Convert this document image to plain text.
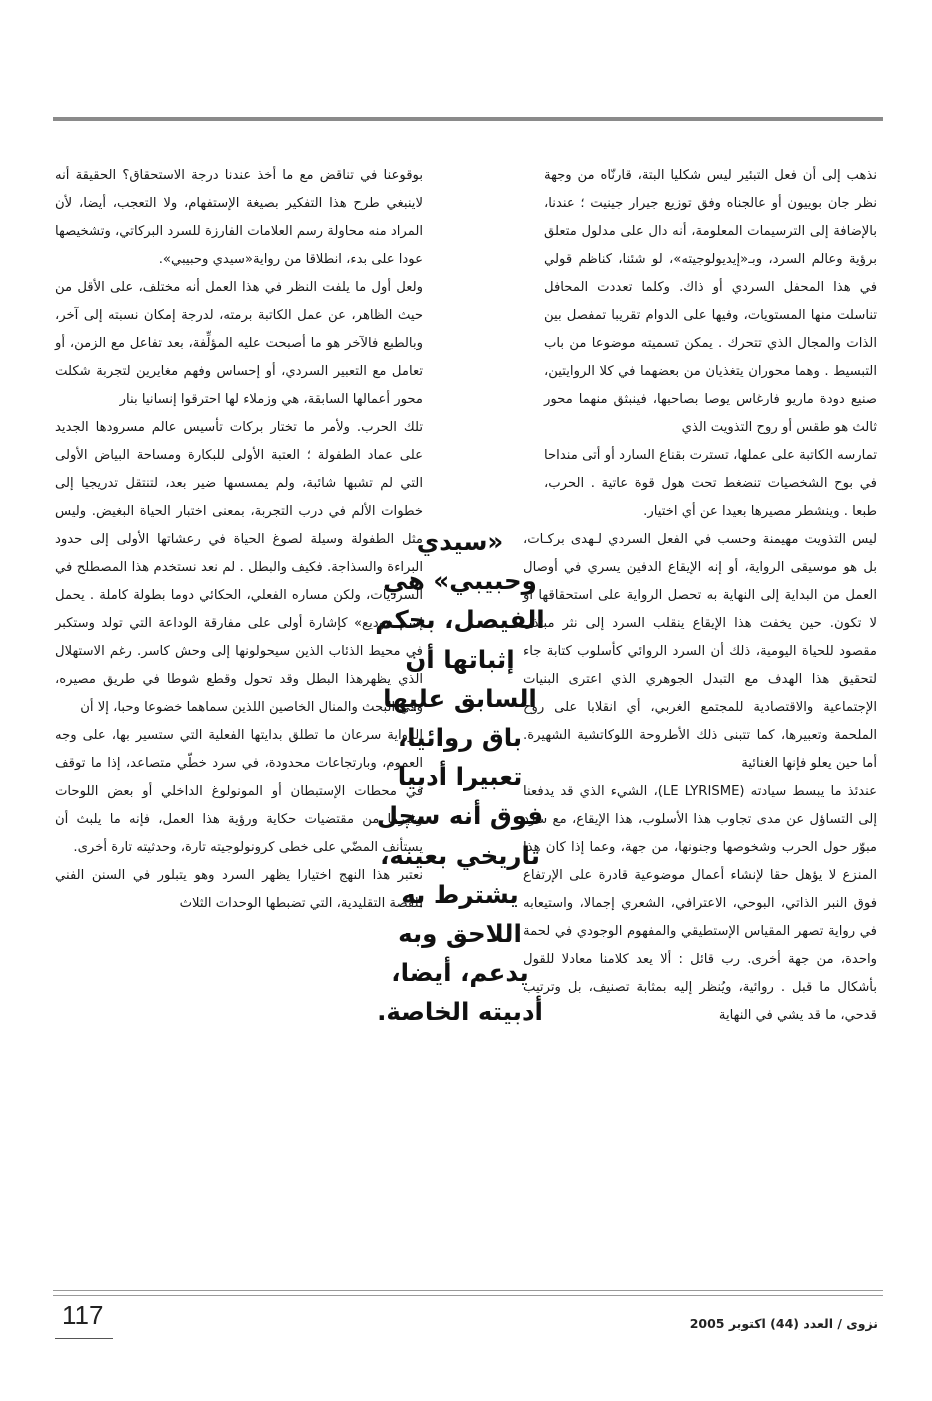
نذهب إلى أن فعل التبئير ليس شكليا البتة، قارنّاه من وجهة نظر جان بوييون أو عالجناه وفق توزيع جيرار جينيت ؛ عندنا، بالإضافة إلى الترسيمات المعلومة، أنه دال على مدلول متعلق برؤية وعالم السرد، وبـ«إيديولوجيته»، لو شئنا، كناظم قولي في هذا المحفل السردي أو ذاك. وكلما تعددت المحافل تناسلت منها المستويات، وفيها على الدوام تقريبا تمفصل بين الذات والمجال الذي تتحرك . يمكن تسميته موضوعا من باب التبسيط . وهما محوران يتغذيان من بعضهما في كلا الروايتين، صنيع دودة ماريو فارغاس يوصا بصاحبها، فينبثق منهما محور ثالث هو طقس أو روح التذويت الذي

تمارسه الكاتبة على عملها، تسترت بقناع السارد أو أتى منداحا في بوح الشخصيات تنضغط تحت هول قوة عاتية . الحرب، طبعا . وينشطر مصيرها بعيدا عن أي اختيار.

ليس التذويت مهيمنة وحسب في الفعل السردي لـهدى بركـات، بل هو موسيقى الرواية، أو إنه الإيقاع الدفين يسري في أوصال العمل من البداية إلى النهاية به تحصل الرواية على استحقاقها أو لا تكون. حين يخفت هذا الإيقاع ينقلب السرد إلى نثر مبتذل مقصود للحياة اليومية، ذلك أن السرد الروائي كأسلوب كتابة جاء لتحقيق هذا الهدف مع التبدل الجوهري الذي اعترى البنيات الإجتماعية والاقتصادية للمجتمع الغربي، أي انقلابا على روح الملحمة وتعبيرها، كما تتبنى ذلك الأطروحة اللوكاتشية الشهيرة. أما حين يعلو فإنها الغنائية

عندئذ ما يبسط سيادته (LE LYRISME)، الشيء الذي قد يدفعنا إلى التساؤل عن مدى تجاوب هذا الأسلوب، هذا الإيقاع، مع سرد مبوّر حول الحرب وشخوصها وجنونها، من جهة، وعما إذا كان هذا المنزع لا يؤهل حقا لإنشاء أعمال موضوعية قادرة على الإرتفاع فوق النبر الذاتي، البوحي، الاعترافي، الشعري إجمالا، واستيعابه في رواية تصهر المقياس الإستطيقي والمفهوم الوجودي في لحمة واحدة، من جهة أخرى. رب قائل : ألا يعد كلامنا معادلا للقول بأشكال ما قبل . روائية، ويُنظر إليه بمثابة تصنيف، بل وترتيب قدحي، ما قد يشي في النهاية

بوقوعنا في تناقض مع ما أخذ عندنا درجة الاستحقاق؟ الحقيقة أنه لاينبغي طرح هذا التفكير بصيغة الإستفهام، ولا التعجب، أيضا، لأن المراد منه محاولة رسم العلامات الفارزة للسرد البركاتي، وتشخيصها عودا على بدء، انطلاقا من رواية«سيدي وحبيبي».

ولعل أول ما يلفت النظر في هذا العمل أنه مختلف، على الأقل من حيث الظاهر، عن عمل الكاتبة برمته، لدرجة إمكان نسبته إلى آخر، وبالطبع فالآخر هو ما أصبحت عليه المؤلِّفة، بعد تفاعل مع الزمن، أو تعامل مع التعبير السردي، أو إحساس وفهم مغايرين لتجربة شكلت محور أعمالها السابقة، هي وزملاء لها احترقوا إنسانيا بنار

تلك الحرب. ولأمر ما تختار بركات تأسيس عالم مسرودها الجديد على عماد الطفولة ؛ العتبة الأولى للبكارة ومساحة البياض الأولى التي لم تشبها شائبة، ولم يمسسها ضير بعد، لتنتقل تدريجيا إلى خطوات الألم في درب التجربة، بمعنى اختبار الحياة البغيض. وليس مثل الطفولة وسيلة لصوغ الحياة في رعشاتها الأولى إلى حدود البراءة والسذاجة. فكيف والبطل . لم نعد نستخدم هذا المصطلح في السرديات، ولكن مساره الفعلي، الحكائي دوما بطولة كاملة . يحمل إسم «وديع» كإشارة أولى على مفارقة الوداعة التي تولد وستكبر في محيط الذئاب الذين سيحولونها إلى وحش كاسر. رغم الاستهلال الذي يظهرهذا البطل وقد تحول وقطع شوطا في طريق مصيره، وفي البحث والمنال الخاصين اللذين سماهما خضوعا وحبا، إلا أن

الرواية سرعان ما تطلق بدايتها الفعلية التي ستسير بها، على وجه العموم، وبارتجاعات محدودة، في سرد خطّي متصاعد، إذا ما توقف في محطات الإستبطان أو المونولوغ الداخلي أو بعض اللوحات وغيرها من مقتضيات حكاية ورؤية هذا العمل، فإنه ما يلبث أن يستأنف المضّي على خطى كرونولوجيته تارة، وحدثيته تارة أخرى.

نعتبر هذا النهج اختيارا يظهر السرد وهو يتبلور في السنن الفني للقصة التقليدية، التي تضبطها الوحدات الثلاث

«سيدي وحبيبي» هي الفيصل، بحكم إثباتها أن السابق عليها باق روائيا، تعبيرا أدبيا فوق أنه سجل تاريخي بعينه، يشترط به اللاحق وبه يدعم، أيضا، أدبيته الخاصة.
117	نزوى / العدد (44) اكتوبر 2005
